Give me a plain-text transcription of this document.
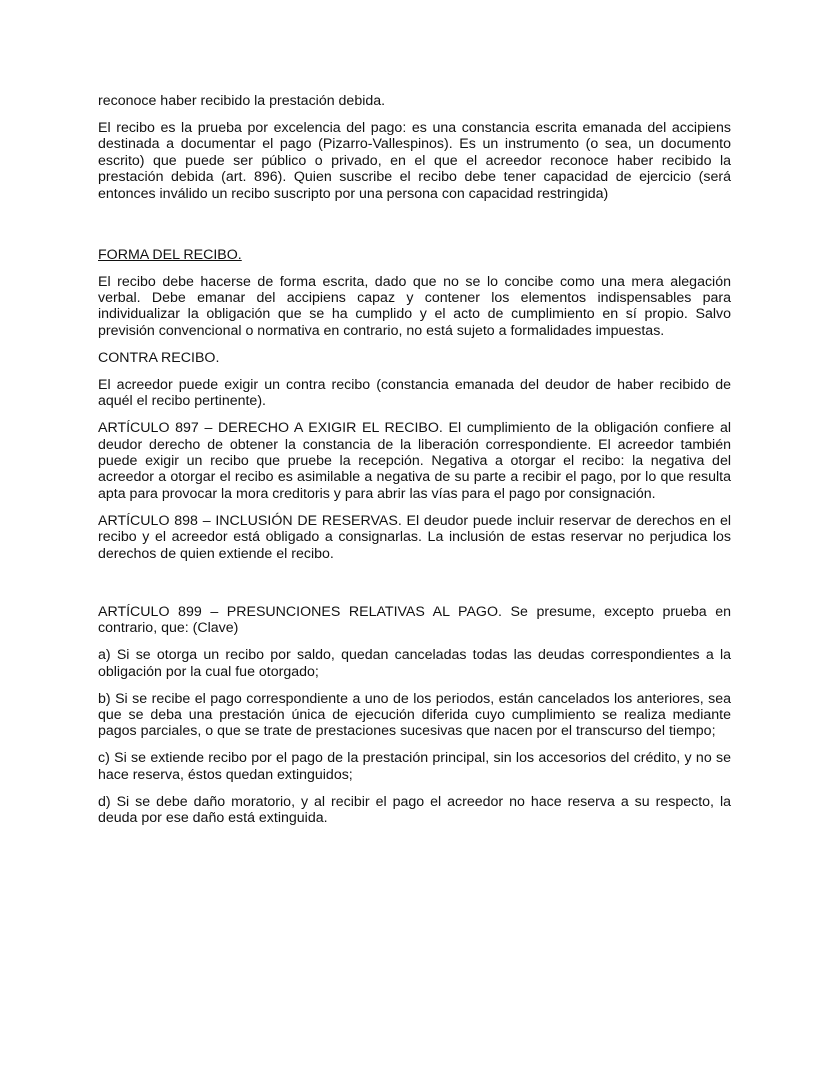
reconoce haber recibido la prestación debida.

El recibo es la prueba por excelencia del pago: es una constancia escrita emanada del accipiens destinada a documentar el pago (Pizarro-Vallespinos). Es un instrumento (o sea, un documento escrito) que puede ser público o privado, en el que el acreedor reconoce haber recibido la prestación debida (art. 896). Quien suscribe el recibo debe tener capacidad de ejercicio (será entonces inválido un recibo suscripto por una persona con capacidad restringida)

FORMA DEL RECIBO.

El recibo debe hacerse de forma escrita, dado que no se lo concibe como una mera alegación verbal. Debe emanar del accipiens capaz y contener los elementos indispensables para individualizar la obligación que se ha cumplido y el acto de cumplimiento en sí propio. Salvo previsión convencional o normativa en contrario, no está sujeto a formalidades impuestas.

CONTRA RECIBO.

El acreedor puede exigir un contra recibo (constancia emanada del deudor de haber recibido de aquél el recibo pertinente).

ARTÍCULO 897 – DERECHO A EXIGIR EL RECIBO. El cumplimiento de la obligación confiere al deudor derecho de obtener la constancia de la liberación correspondiente. El acreedor también puede exigir un recibo que pruebe la recepción. Negativa a otorgar el recibo: la negativa del acreedor a otorgar el recibo es asimilable a negativa de su parte a recibir el pago, por lo que resulta apta para provocar la mora creditoris y para abrir las vías para el pago por consignación.

ARTÍCULO 898 – INCLUSIÓN DE RESERVAS. El deudor puede incluir reservar de derechos en el recibo y el acreedor está obligado a consignarlas. La inclusión de estas reservar no perjudica los derechos de quien extiende el recibo.

ARTÍCULO 899 – PRESUNCIONES RELATIVAS AL PAGO. Se presume, excepto prueba en contrario, que: (Clave)

a) Si se otorga un recibo por saldo, quedan canceladas todas las deudas correspondientes a la obligación por la cual fue otorgado;

b) Si se recibe el pago correspondiente a uno de los periodos, están cancelados los anteriores, sea que se deba una prestación única de ejecución diferida cuyo cumplimiento se realiza mediante pagos parciales, o que se trate de prestaciones sucesivas que nacen por el transcurso del tiempo;

c) Si se extiende recibo por el pago de la prestación principal, sin los accesorios del crédito, y no se hace reserva, éstos quedan extinguidos;

d) Si se debe daño moratorio, y al recibir el pago el acreedor no hace reserva a su respecto, la deuda por ese daño está extinguida.
